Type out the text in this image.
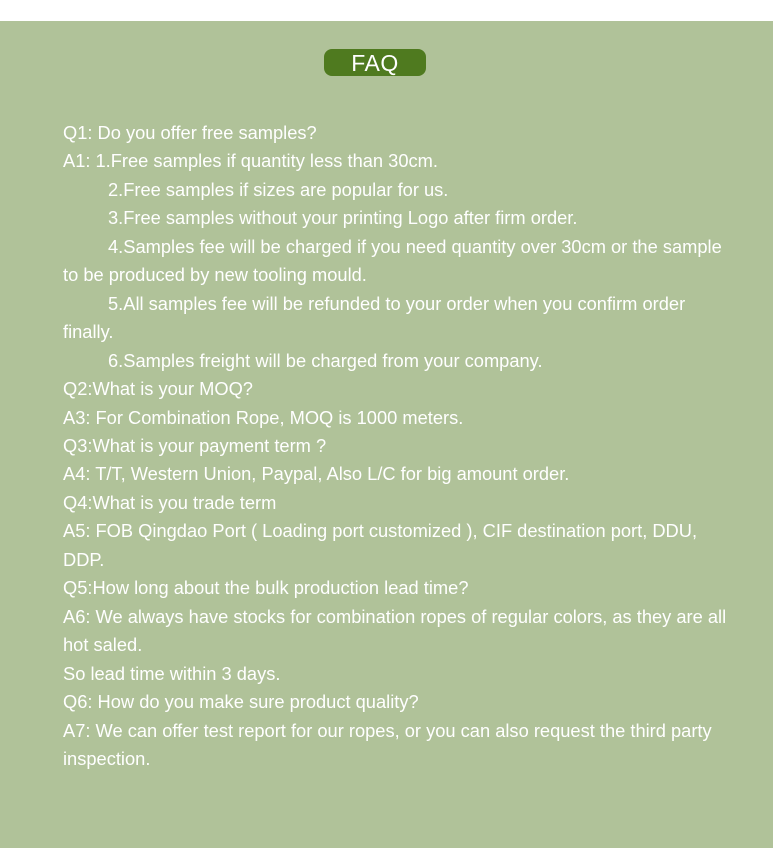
FAQ

Q1: Do you offer free samples?

A1: 1.Free samples if quantity less than 30cm.

2.Free samples if sizes are popular for us.

3.Free samples without your printing Logo after firm order.

4.Samples fee will be charged if you need quantity over 30cm or the sample to be produced by new tooling mould.

5.All samples fee will be refunded to your order when you confirm order finally.

6.Samples freight will be charged from your company.

Q2:What is your MOQ?

A3: For Combination Rope, MOQ is 1000 meters.

Q3:What is your payment term ?

A4: T/T, Western Union, Paypal, Also L/C for big amount order.

Q4:What is you trade term

A5: FOB Qingdao Port ( Loading port customized ), CIF destination port, DDU, DDP.

Q5:How long about the bulk production lead time?

A6: We always have stocks for combination ropes of regular colors, as they are all hot saled.

So lead time within 3 days.

Q6: How do you make sure product quality?

A7: We can offer test report for our ropes, or you can also request the third party inspection.
